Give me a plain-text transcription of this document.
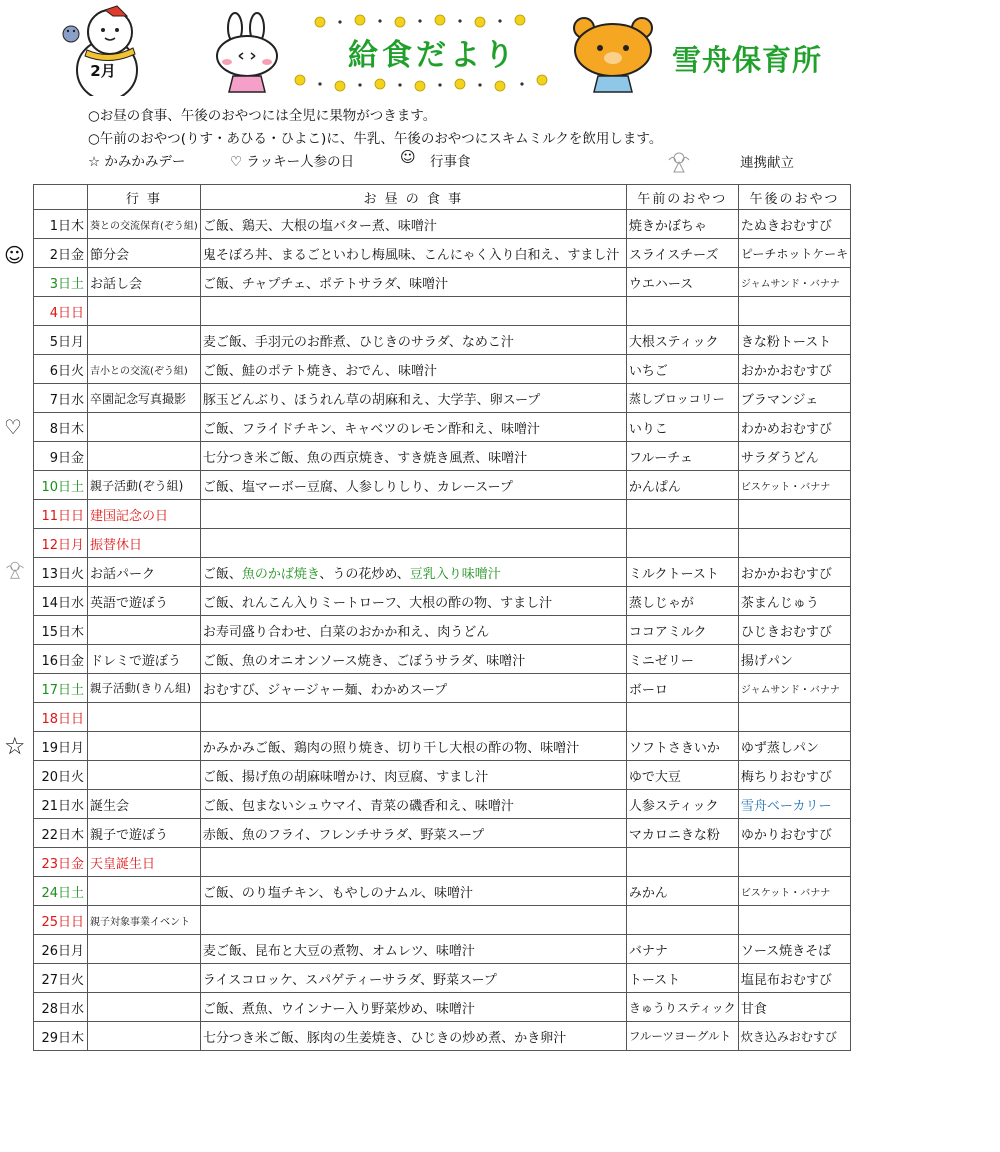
2月	給食だより	雪舟保育所
○お昼の食事、午後のおやつには全児に果物がつきます。
○午前のおやつ(りす・あひる・ひよこ)に、牛乳、午後のおやつにスキムミルクを飲用します。
☆ かみかみデー	♡ ラッキー人参の日	☺ 行事食	連携献立
☺
♡
☆
	行 事	お 昼 の 食 事	午前のおやつ	午後のおやつ
1日木	葵との交流保育(ぞう組)	ご飯、鶏天、大根の塩バター煮、味噌汁	焼きかぼちゃ	たぬきおむすび
2日金	節分会	鬼そぼろ丼、まるごといわし梅風味、こんにゃく入り白和え、すまし汁	スライスチーズ	ピーチホットケーキ
3日土	お話し会	ご飯、チャプチェ、ポテトサラダ、味噌汁	ウエハース	ジャムサンド・バナナ
4日日				
5日月		麦ご飯、手羽元のお酢煮、ひじきのサラダ、なめこ汁	大根スティック	きな粉トースト
6日火	吉小との交流(ぞう組)	ご飯、鮭のポテト焼き、おでん、味噌汁	いちご	おかかおむすび
7日水	卒園記念写真撮影	豚玉どんぶり、ほうれん草の胡麻和え、大学芋、卵スープ	蒸しブロッコリー	ブラマンジェ
8日木		ご飯、フライドチキン、キャベツのレモン酢和え、味噌汁	いりこ	わかめおむすび
9日金		七分つき米ご飯、魚の西京焼き、すき焼き風煮、味噌汁	フルーチェ	サラダうどん
10日土	親子活動(ぞう組)	ご飯、塩マーボー豆腐、人参しりしり、カレースープ	かんぱん	ビスケット・バナナ
11日日	建国記念の日			
12日月	振替休日			
13日火	お話パーク	ご飯、魚のかば焼き、うの花炒め、豆乳入り味噌汁	ミルクトースト	おかかおむすび
14日水	英語で遊ぼう	ご飯、れんこん入りミートローフ、大根の酢の物、すまし汁	蒸しじゃが	茶まんじゅう
15日木		お寿司盛り合わせ、白菜のおかか和え、肉うどん	ココアミルク	ひじきおむすび
16日金	ドレミで遊ぼう	ご飯、魚のオニオンソース焼き、ごぼうサラダ、味噌汁	ミニゼリー	揚げパン
17日土	親子活動(きりん組)	おむすび、ジャージャー麺、わかめスープ	ボーロ	ジャムサンド・バナナ
18日日				
19日月		かみかみご飯、鶏肉の照り焼き、切り干し大根の酢の物、味噌汁	ソフトさきいか	ゆず蒸しパン
20日火		ご飯、揚げ魚の胡麻味噌かけ、肉豆腐、すまし汁	ゆで大豆	梅ちりおむすび
21日水	誕生会	ご飯、包まないシュウマイ、青菜の磯香和え、味噌汁	人参スティック	雪舟ベーカリー
22日木	親子で遊ぼう	赤飯、魚のフライ、フレンチサラダ、野菜スープ	マカロニきな粉	ゆかりおむすび
23日金	天皇誕生日			
24日土		ご飯、のり塩チキン、もやしのナムル、味噌汁	みかん	ビスケット・バナナ
25日日	親子対象事業イベント			
26日月		麦ご飯、昆布と大豆の煮物、オムレツ、味噌汁	バナナ	ソース焼きそば
27日火		ライスコロッケ、スパゲティーサラダ、野菜スープ	トースト	塩昆布おむすび
28日水		ご飯、煮魚、ウインナー入り野菜炒め、味噌汁	きゅうりスティック	甘食
29日木		七分つき米ご飯、豚肉の生姜焼き、ひじきの炒め煮、かき卵汁	フルーツヨーグルト	炊き込みおむすび
